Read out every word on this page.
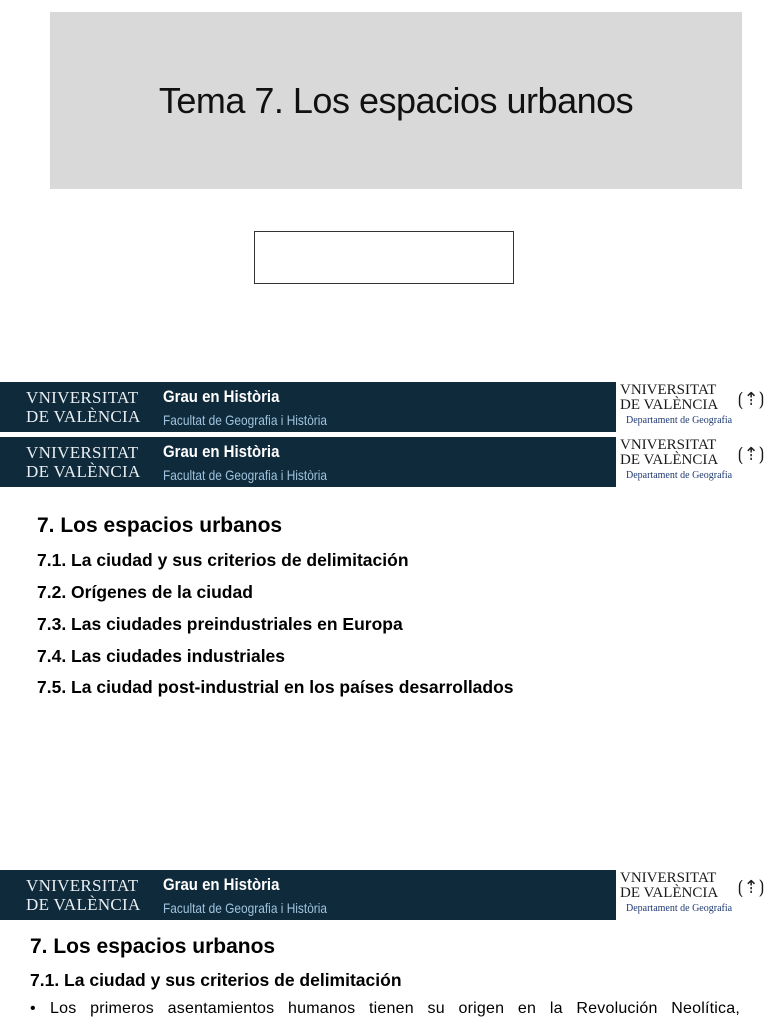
Tema 7. Los espacios urbanos
VNIVERSITAT
DE VALÈNCIA
Grau en Història
Facultat de Geografia i Història
VNIVERSITAT
DE VALÈNCIA ⟮⇡⟯
Departament de Geografia
VNIVERSITAT
DE VALÈNCIA
Grau en Història
Facultat de Geografia i Història
VNIVERSITAT
DE VALÈNCIA ⟮⇡⟯
Departament de Geografia

7. Los espacios urbanos

7.1. La ciudad y sus criterios de delimitación

7.2. Orígenes de la ciudad

7.3. Las ciudades preindustriales en Europa

7.4. Las ciudades industriales

7.5. La ciudad post-industrial en los países desarrollados

VNIVERSITAT
DE VALÈNCIA
Grau en Història
Facultat de Geografia i Història
VNIVERSITAT
DE VALÈNCIA ⟮⇡⟯
Departament de Geografia

7. Los espacios urbanos

7.1. La ciudad y sus criterios de delimitación

• Los primeros asentamientos humanos tienen su origen en la Revolución Neolítica,
